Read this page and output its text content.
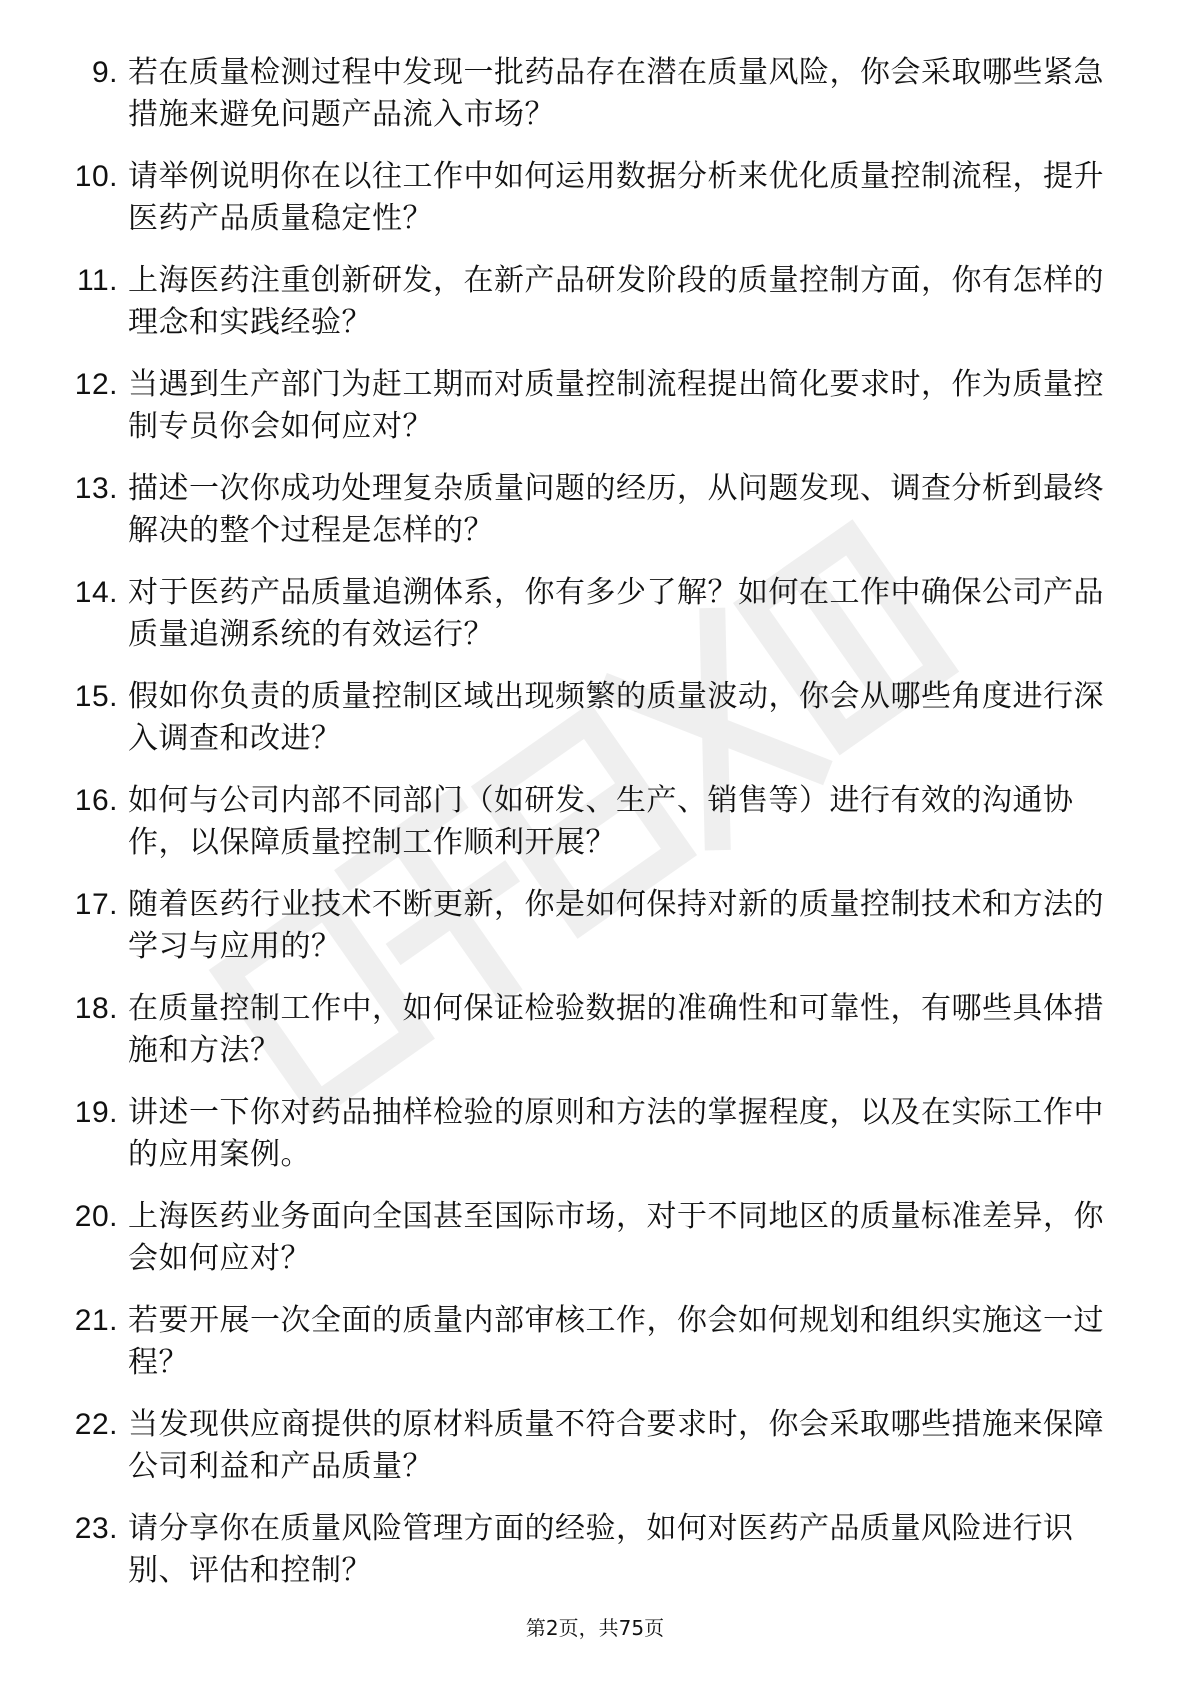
9. 若在质量检测过程中发现一批药品存在潜在质量风险，你会采取哪些紧急措施来避免问题产品流入市场？
10. 请举例说明你在以往工作中如何运用数据分析来优化质量控制流程，提升医药产品质量稳定性？
11. 上海医药注重创新研发，在新产品研发阶段的质量控制方面，你有怎样的理念和实践经验？
12. 当遇到生产部门为赶工期而对质量控制流程提出简化要求时，作为质量控制专员你会如何应对？
13. 描述一次你成功处理复杂质量问题的经历，从问题发现、调查分析到最终解决的整个过程是怎样的？
14. 对于医药产品质量追溯体系，你有多少了解？如何在工作中确保公司产品质量追溯系统的有效运行？
15. 假如你负责的质量控制区域出现频繁的质量波动，你会从哪些角度进行深入调查和改进？
16. 如何与公司内部不同部门（如研发、生产、销售等）进行有效的沟通协作，以保障质量控制工作顺利开展？
17. 随着医药行业技术不断更新，你是如何保持对新的质量控制技术和方法的学习与应用的？
18. 在质量控制工作中，如何保证检验数据的准确性和可靠性，有哪些具体措施和方法？
19. 讲述一下你对药品抽样检验的原则和方法的掌握程度，以及在实际工作中的应用案例。
20. 上海医药业务面向全国甚至国际市场，对于不同地区的质量标准差异，你会如何应对？
21. 若要开展一次全面的质量内部审核工作，你会如何规划和组织实施这一过程？
22. 当发现供应商提供的原材料质量不符合要求时，你会采取哪些措施来保障公司利益和产品质量？
23. 请分享你在质量风险管理方面的经验，如何对医药产品质量风险进行识别、评估和控制？
第2页，共75页
